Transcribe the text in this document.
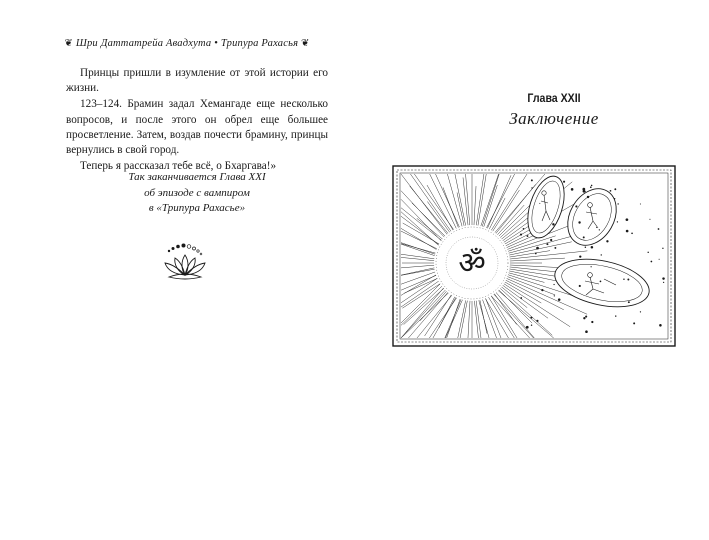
❦ Шри Даттатрейа Авадхута • Трипура Рахасья ❦

Принцы пришли в изумление от этой истории его жизни.

123–124. Брамин задал Хемангаде еще несколько вопросов, и после этого он обрел еще большее просветление. Затем, воздав почести брамину, принцы вернулись в свой город.

Теперь я рассказал тебе всё, о Бхаргава!»

Так заканчивается Глава XXI
об эпизоде с вампиром
в «Трипура Рахасье»
Глава XXII
Заключение
ॐ
